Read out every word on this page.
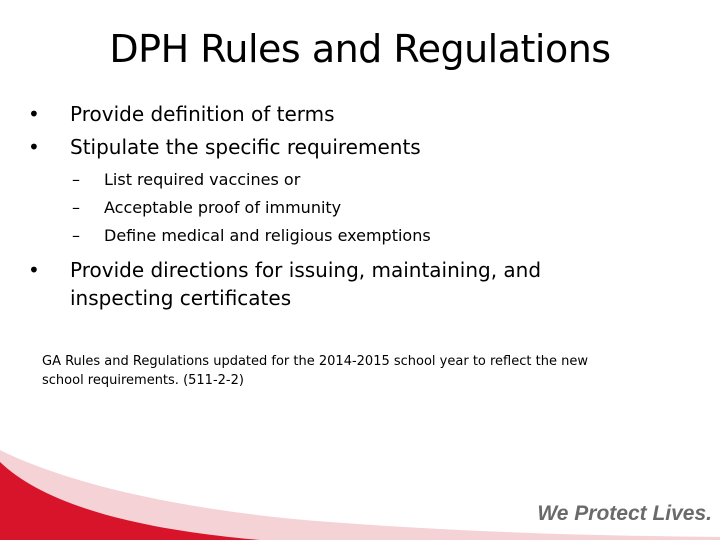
DPH Rules and Regulations
•	Provide definition of terms
•	Stipulate the specific requirements
– List required vaccines or
– Acceptable proof of immunity
– Define medical and religious exemptions
•	Provide directions for issuing, maintaining, and
inspecting certificates
GA Rules and Regulations updated for the 2014-2015 school year to reflect the new
school requirements. (511-2-2)
We Protect Lives.
